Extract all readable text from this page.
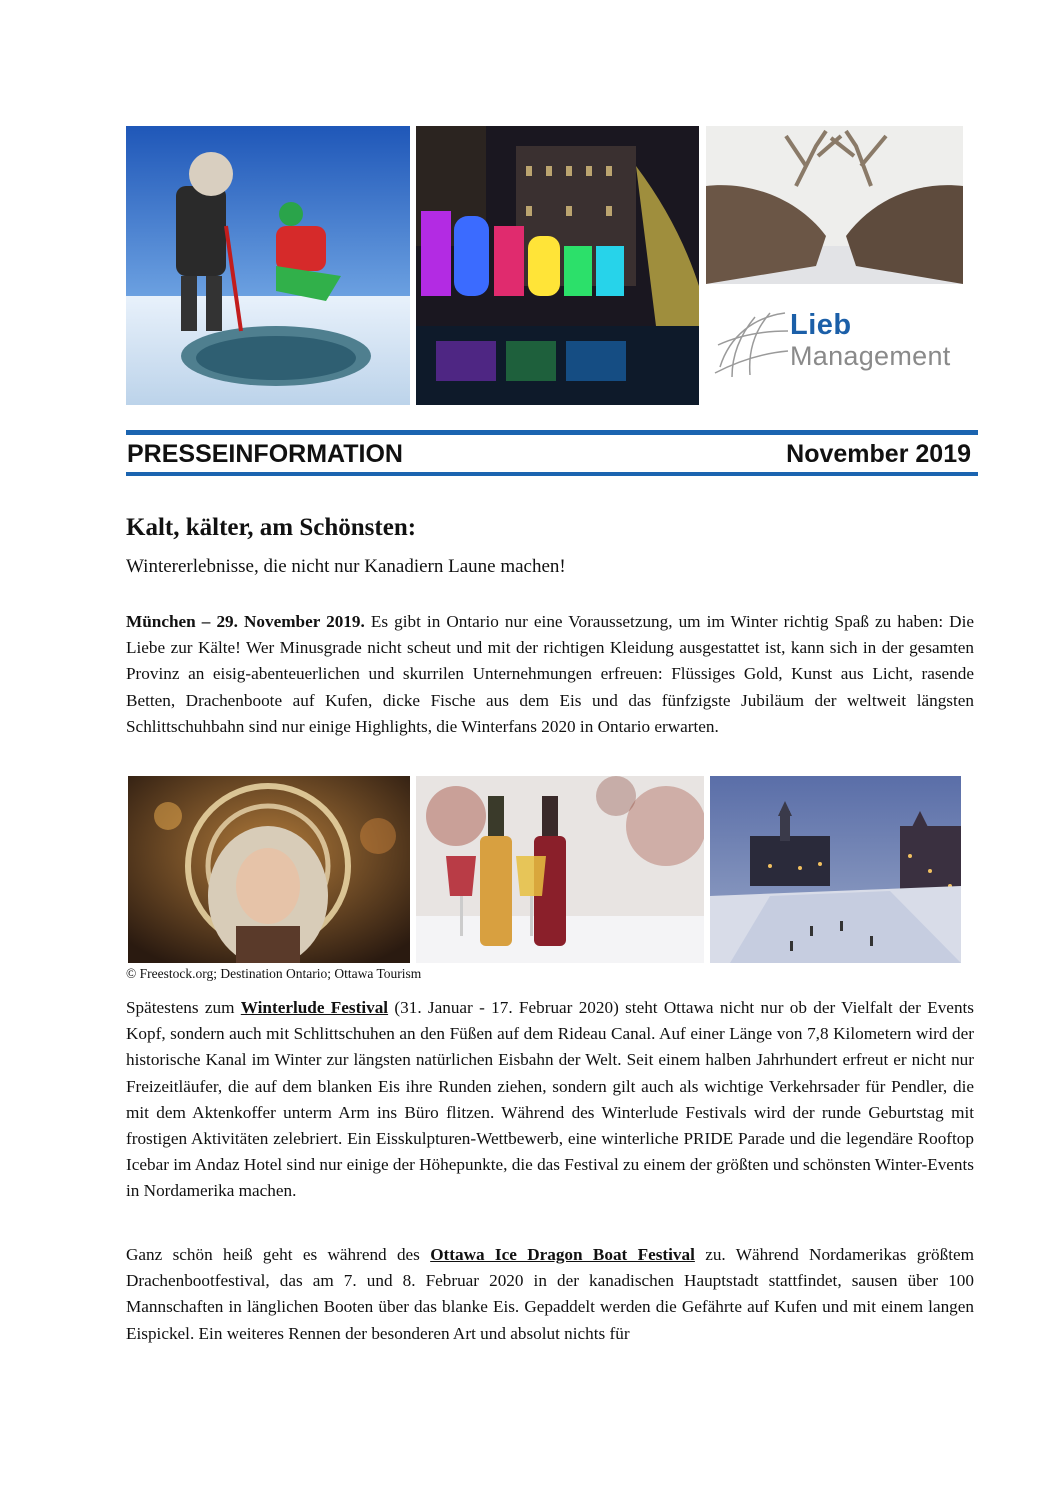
Lieb
Management
PRESSEINFORMATION	November 2019
Kalt, kälter, am Schönsten:
Wintererlebnisse, die nicht nur Kanadiern Laune machen!
München – 29. November 2019. Es gibt in Ontario nur eine Voraussetzung, um im Winter richtig Spaß zu haben: Die Liebe zur Kälte! Wer Minusgrade nicht scheut und mit der richtigen Kleidung ausgestattet ist, kann sich in der gesamten Provinz an eisig-abenteuerlichen und skurrilen Unternehmungen erfreuen: Flüssiges Gold, Kunst aus Licht, rasende Betten, Drachenboote auf Kufen, dicke Fische aus dem Eis und das fünfzigste Jubiläum der weltweit längsten Schlittschuhbahn sind nur einige Highlights, die Winterfans 2020 in Ontario erwarten.
© Freestock.org; Destination Ontario; Ottawa Tourism
Spätestens zum Winterlude Festival (31. Januar - 17. Februar 2020) steht Ottawa nicht nur ob der Vielfalt der Events Kopf, sondern auch mit Schlittschuhen an den Füßen auf dem Rideau Canal. Auf einer Länge von 7,8 Kilometern wird der historische Kanal im Winter zur längsten natürlichen Eisbahn der Welt. Seit einem halben Jahrhundert erfreut er nicht nur Freizeitläufer, die auf dem blanken Eis ihre Runden ziehen, sondern gilt auch als wichtige Verkehrsader für Pendler, die mit dem Aktenkoffer unterm Arm ins Büro flitzen. Während des Winterlude Festivals wird der runde Geburtstag mit frostigen Aktivitäten zelebriert. Ein Eisskulpturen-Wettbewerb, eine winterliche PRIDE Parade und die legendäre Rooftop Icebar im Andaz Hotel sind nur einige der Höhepunkte, die das Festival zu einem der größten und schönsten Winter-Events in Nordamerika machen.
Ganz schön heiß geht es während des Ottawa Ice Dragon Boat Festival zu. Während Nordamerikas größtem Drachenbootfestival, das am 7. und 8. Februar 2020 in der kanadischen Hauptstadt stattfindet, sausen über 100 Mannschaften in länglichen Booten über das blanke Eis. Gepaddelt werden die Gefährte auf Kufen und mit einem langen Eispickel. Ein weiteres Rennen der besonderen Art und absolut nichts für
